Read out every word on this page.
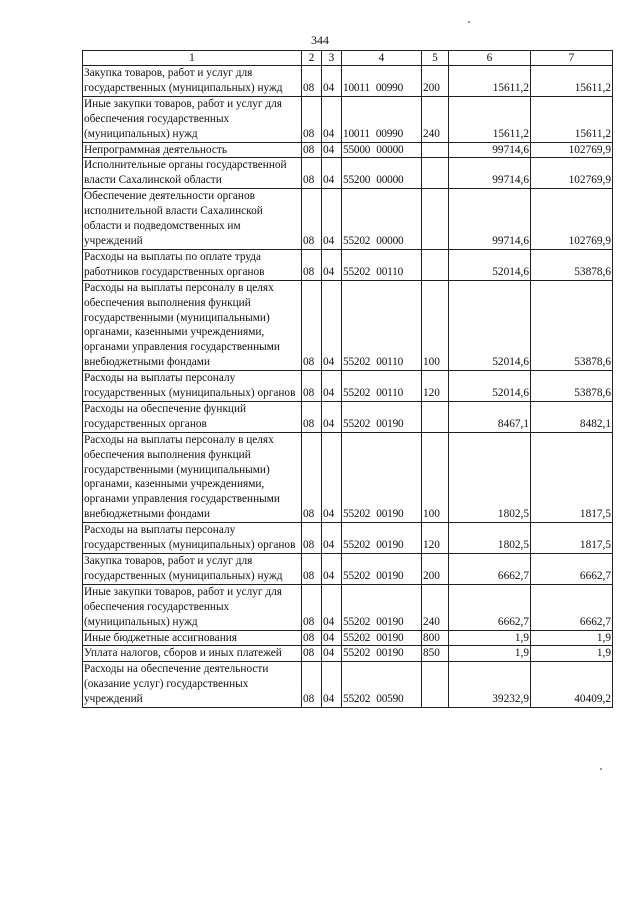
344
1	2	3	4	5	6	7
Закупка товаров, работ и услуг для государственных (муниципальных) нужд	08	04	10011 00990	200	15611,2	15611,2
Иные закупки товаров, работ и услуг для обеспечения государственных (муниципальных) нужд	08	04	10011 00990	240	15611,2	15611,2
Непрограммная деятельность	08	04	55000 00000		99714,6	102769,9
Исполнительные органы государственной власти Сахалинской области	08	04	55200 00000		99714,6	102769,9
Обеспечение деятельности органов исполнительной власти Сахалинской области и подведомственных им учреждений	08	04	55202 00000		99714,6	102769,9
Расходы на выплаты по оплате труда работников государственных органов	08	04	55202 00110		52014,6	53878,6
Расходы на выплаты персоналу в целях обеспечения выполнения функций государственными (муниципальными) органами, казенными учреждениями, органами управления государственными внебюджетными фондами	08	04	55202 00110	100	52014,6	53878,6
Расходы на выплаты персоналу государственных (муниципальных) органов	08	04	55202 00110	120	52014,6	53878,6
Расходы на обеспечение функций государственных органов	08	04	55202 00190		8467,1	8482,1
Расходы на выплаты персоналу в целях обеспечения выполнения функций государственными (муниципальными) органами, казенными учреждениями, органами управления государственными внебюджетными фондами	08	04	55202 00190	100	1802,5	1817,5
Расходы на выплаты персоналу государственных (муниципальных) органов	08	04	55202 00190	120	1802,5	1817,5
Закупка товаров, работ и услуг для государственных (муниципальных) нужд	08	04	55202 00190	200	6662,7	6662,7
Иные закупки товаров, работ и услуг для обеспечения государственных (муниципальных) нужд	08	04	55202 00190	240	6662,7	6662,7
Иные бюджетные ассигнования	08	04	55202 00190	800	1,9	1,9
Уплата налогов, сборов и иных платежей	08	04	55202 00190	850	1,9	1,9
Расходы на обеспечение деятельности (оказание услуг) государственных учреждений	08	04	55202 00590		39232,9	40409,2
